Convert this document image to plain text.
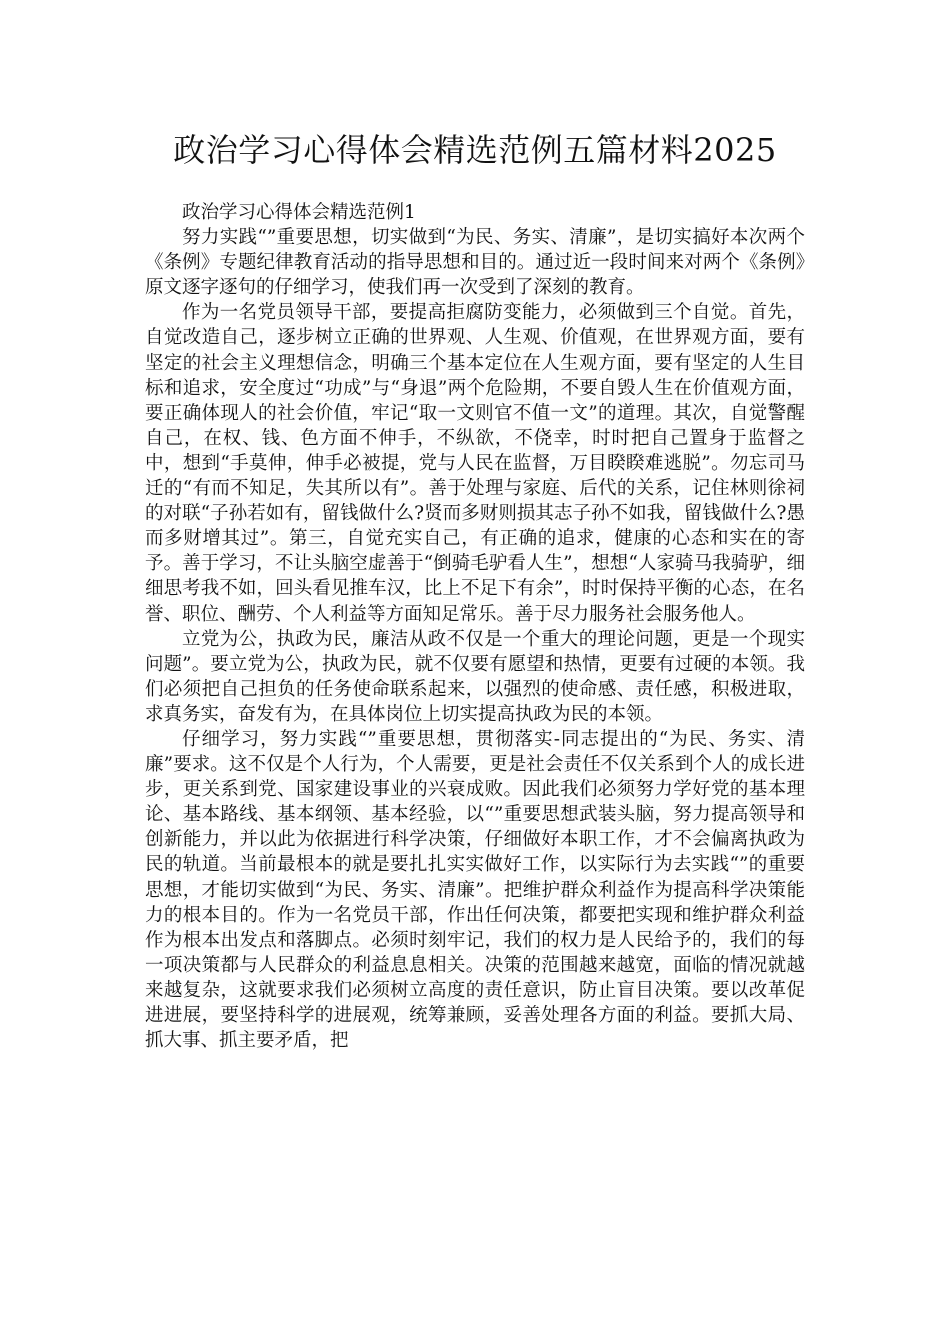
政治学习心得体会精选范例五篇材料2025

政治学习心得体会精选范例1

努力实践“”重要思想，切实做到“为民、务实、清廉”，是切实搞好本次两个《条例》专题纪律教育活动的指导思想和目的。通过近一段时间来对两个《条例》原文逐字逐句的仔细学习，使我们再一次受到了深刻的教育。

作为一名党员领导干部，要提高拒腐防变能力，必须做到三个自觉。首先，自觉改造自己，逐步树立正确的世界观、人生观、价值观，在世界观方面，要有坚定的社会主义理想信念，明确三个基本定位在人生观方面，要有坚定的人生目标和追求，安全度过“功成”与“身退”两个危险期，不要自毁人生在价值观方面，要正确体现人的社会价值，牢记“取一文则官不值一文”的道理。其次，自觉警醒自己，在权、钱、色方面不伸手，不纵欲，不侥幸，时时把自己置身于监督之中，想到“手莫伸，伸手必被提，党与人民在监督，万目睽睽难逃脱”。勿忘司马迁的“有而不知足，失其所以有”。善于处理与家庭、后代的关系，记住林则徐祠的对联“子孙若如有，留钱做什么?贤而多财则损其志子孙不如我，留钱做什么?愚而多财增其过”。第三，自觉充实自己，有正确的追求，健康的心态和实在的寄予。善于学习，不让头脑空虚善于“倒骑毛驴看人生”，想想“人家骑马我骑驴，细细思考我不如，回头看见推车汉，比上不足下有余”，时时保持平衡的心态，在名誉、职位、酬劳、个人利益等方面知足常乐。善于尽力服务社会服务他人。

立党为公，执政为民，廉洁从政不仅是一个重大的理论问题，更是一个现实问题”。要立党为公，执政为民，就不仅要有愿望和热情，更要有过硬的本领。我们必须把自己担负的任务使命联系起来，以强烈的使命感、责任感，积极进取，求真务实，奋发有为，在具体岗位上切实提高执政为民的本领。

仔细学习，努力实践“”重要思想，贯彻落实-同志提出的“为民、务实、清廉”要求。这不仅是个人行为，个人需要，更是社会责任不仅关系到个人的成长进步，更关系到党、国家建设事业的兴衰成败。因此我们必须努力学好党的基本理论、基本路线、基本纲领、基本经验，以“”重要思想武装头脑，努力提高领导和创新能力，并以此为依据进行科学决策，仔细做好本职工作，才不会偏离执政为民的轨道。当前最根本的就是要扎扎实实做好工作，以实际行为去实践“”的重要思想，才能切实做到“为民、务实、清廉”。把维护群众利益作为提高科学决策能力的根本目的。作为一名党员干部，作出任何决策，都要把实现和维护群众利益作为根本出发点和落脚点。必须时刻牢记，我们的权力是人民给予的，我们的每一项决策都与人民群众的利益息息相关。决策的范围越来越宽，面临的情况就越来越复杂，这就要求我们必须树立高度的责任意识，防止盲目决策。要以改革促进进展，要坚持科学的进展观，统筹兼顾，妥善处理各方面的利益。要抓大局、抓大事、抓主要矛盾，把
